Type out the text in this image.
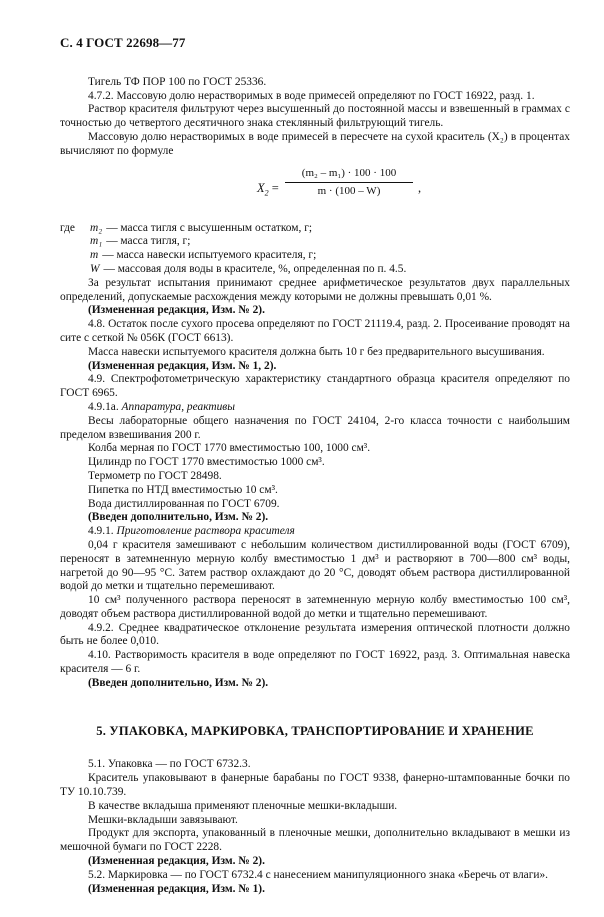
С. 4 ГОСТ 22698—77

Тигель ТФ ПОР 100 по ГОСТ 25336.

4.7.2. Массовую долю нерастворимых в воде примесей определяют по ГОСТ 16922, разд. 1.

Раствор красителя фильтруют через высушенный до постоянной массы и взвешенный в граммах с точностью до четвертого десятичного знака стеклянный фильтрующий тигель.

Массовую долю нерастворимых в воде примесей в пересчете на сухой краситель (X₂) в процентах вычисляют по формуле

$X_2 = \frac{\text{(m₂ – m₁) · 100 · 100}}{m \cdot (100 - W)}$ ,
где	m₂ — масса тигля с высушенным остатком, г;
m₁ — масса тигля, г;
m — масса навески испытуемого красителя, г;
W — массовая доля воды в красителе, %, определенная по п. 4.5.

За результат испытания принимают среднее арифметическое результатов двух параллельных определений, допускаемые расхождения между которыми не должны превышать 0,01 %.

(Измененная редакция, Изм. № 2).

4.8. Остаток после сухого просева определяют по ГОСТ 21119.4, разд. 2. Просеивание проводят на сите с сеткой № 056К (ГОСТ 6613).

Масса навески испытуемого красителя должна быть 10 г без предварительного высушивания.

(Измененная редакция, Изм. № 1, 2).

4.9. Спектрофотометрическую характеристику стандартного образца красителя определяют по ГОСТ 6965.

4.9.1а. Аппаратура, реактивы

Весы лабораторные общего назначения по ГОСТ 24104, 2-го класса точности с наибольшим пределом взвешивания 200 г.

Колба мерная по ГОСТ 1770 вместимостью 100, 1000 см³.

Цилиндр по ГОСТ 1770 вместимостью 1000 см³.

Термометр по ГОСТ 28498.

Пипетка по НТД вместимостью 10 см³.

Вода дистиллированная по ГОСТ 6709.

(Введен дополнительно, Изм. № 2).

4.9.1. Приготовление раствора красителя

0,04 г красителя замешивают с небольшим количеством дистиллированной воды (ГОСТ 6709), переносят в затемненную мерную колбу вместимостью 1 дм³ и растворяют в 700—800 см³ воды, нагретой до 90—95 °С. Затем раствор охлаждают до 20 °С, доводят объем раствора дистиллированной водой до метки и тщательно перемешивают.

10 см³ полученного раствора переносят в затемненную мерную колбу вместимостью 100 см³, доводят объем раствора дистиллированной водой до метки и тщательно перемешивают.

4.9.2. Среднее квадратическое отклонение результата измерения оптической плотности должно быть не более 0,010.

4.10. Растворимость красителя в воде определяют по ГОСТ 16922, разд. 3. Оптимальная навеска красителя — 6 г.

(Введен дополнительно, Изм. № 2).

5. УПАКОВКА, МАРКИРОВКА, ТРАНСПОРТИРОВАНИЕ И ХРАНЕНИЕ

5.1. Упаковка — по ГОСТ 6732.3.

Краситель упаковывают в фанерные барабаны по ГОСТ 9338, фанерно-штампованные бочки по ТУ 10.10.739.

В качестве вкладыша применяют пленочные мешки-вкладыши.

Мешки-вкладыши завязывают.

Продукт для экспорта, упакованный в пленочные мешки, дополнительно вкладывают в мешки из мешочной бумаги по ГОСТ 2228.

(Измененная редакция, Изм. № 2).

5.2. Маркировка — по ГОСТ 6732.4 с нанесением манипуляционного знака «Беречь от влаги».

(Измененная редакция, Изм. № 1).
